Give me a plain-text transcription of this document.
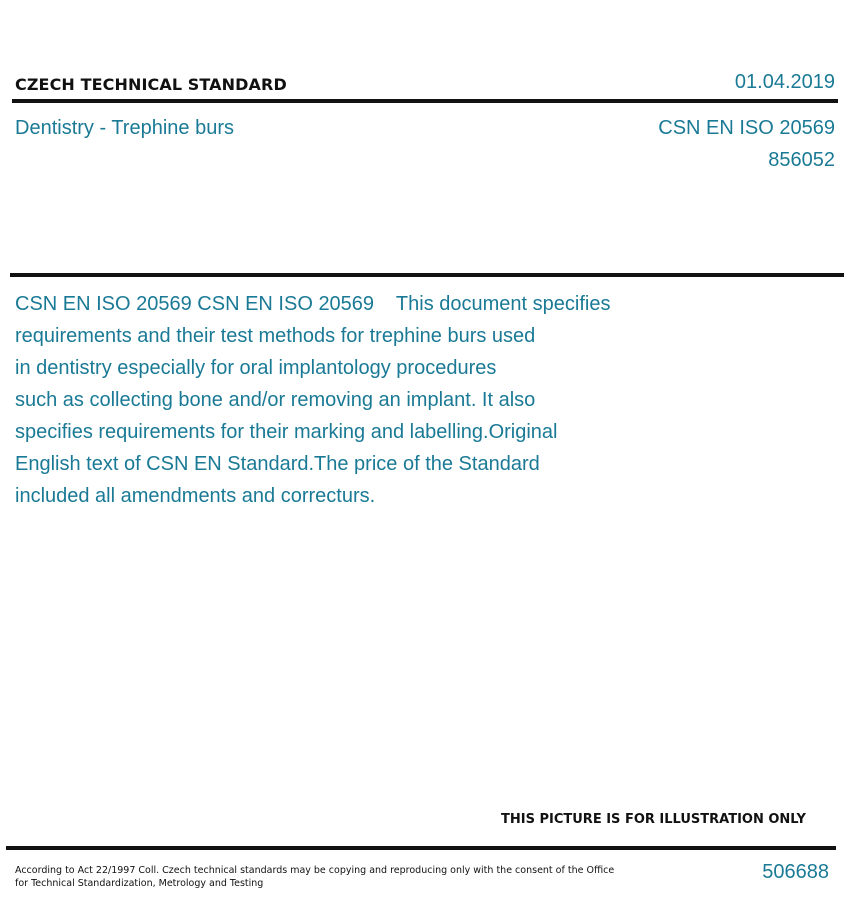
CZECH TECHNICAL STANDARD	01.04.2019
Dentistry - Trephine burs	CSN EN ISO 20569
856052

CSN EN ISO 20569 CSN EN ISO 20569    This document specifies
requirements and their test methods for trephine burs used
in dentistry especially for oral implantology procedures
such as collecting bone and/or removing an implant. It also
specifies requirements for their marking and labelling.Original
English text of CSN EN Standard.The price of the Standard
included all amendments and correcturs.

THIS PICTURE IS FOR ILLUSTRATION ONLY
According to Act 22/1997 Coll. Czech technical standards may be copying and reproducing only with the consent of the Office
for Technical Standardization, Metrology and Testing
506688
